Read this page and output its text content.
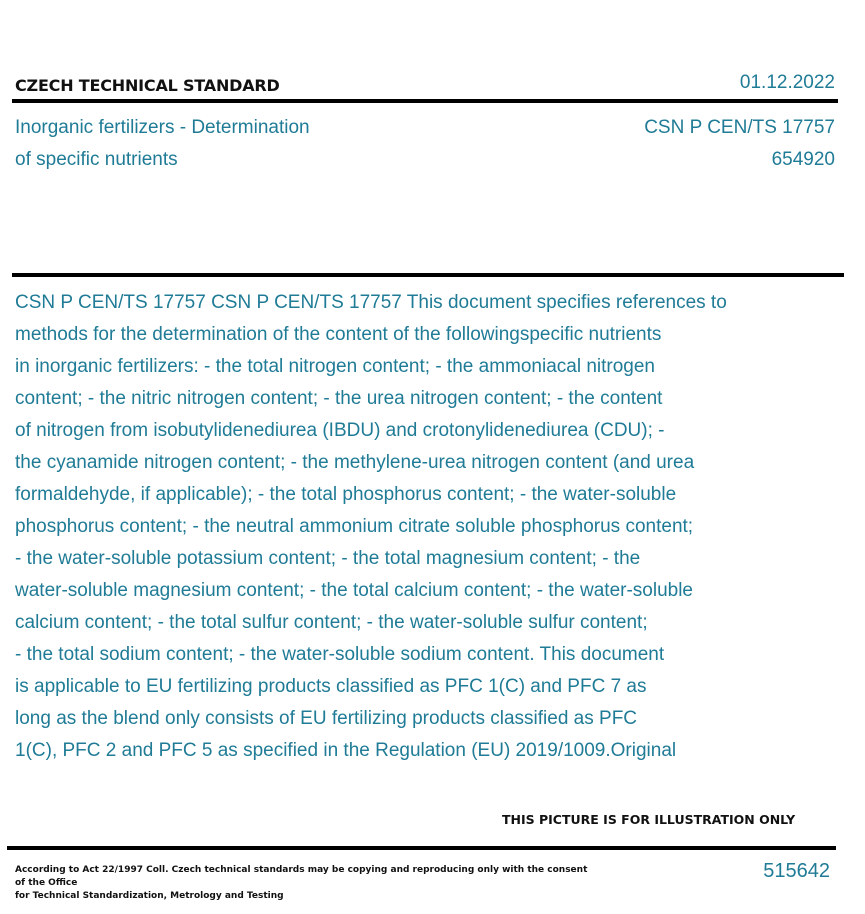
CZECH TECHNICAL STANDARD	01.12.2022
Inorganic fertilizers - Determination
of specific nutrients
CSN P CEN/TS 17757
654920
CSN P CEN/TS 17757 CSN P CEN/TS 17757 This document specifies references to
methods for the determination of the content of the followingspecific nutrients
in inorganic fertilizers: - the total nitrogen content; - the ammoniacal nitrogen
content; - the nitric nitrogen content; - the urea nitrogen content; - the content
of nitrogen from isobutylidenediurea (IBDU) and crotonylidenediurea (CDU); -
the cyanamide nitrogen content; - the methylene-urea nitrogen content (and urea
formaldehyde, if applicable); - the total phosphorus content; - the water-soluble
phosphorus content; - the neutral ammonium citrate soluble phosphorus content;
- the water-soluble potassium content; - the total magnesium content; - the
water-soluble magnesium content; - the total calcium content; - the water-soluble
calcium content; - the total sulfur content; - the water-soluble sulfur content;
- the total sodium content; - the water-soluble sodium content. This document
is applicable to EU fertilizing products classified as PFC 1(C) and PFC 7 as
long as the blend only consists of EU fertilizing products classified as PFC
1(C), PFC 2 and PFC 5 as specified in the Regulation (EU) 2019/1009.Original
THIS PICTURE IS FOR ILLUSTRATION ONLY
According to Act 22/1997 Coll. Czech technical standards may be copying and reproducing only with the consent of the Office
for Technical Standardization, Metrology and Testing
515642
